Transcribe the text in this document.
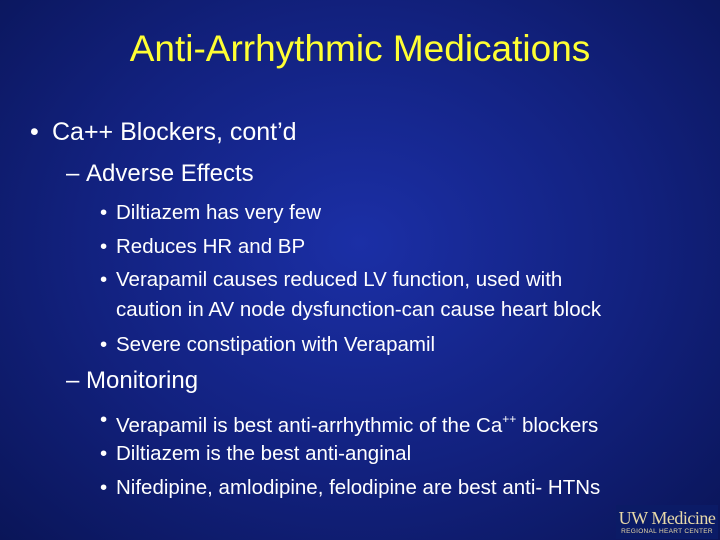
Anti-Arrhythmic Medications
• Ca++ Blockers, cont’d
– Adverse Effects
• Diltiazem has very few
• Reduces HR and BP
• Verapamil causes reduced LV function, used with
caution in AV node dysfunction-can cause heart block
• Severe constipation with Verapamil
– Monitoring
• Verapamil is best anti-arrhythmic of the Ca++ blockers
• Diltiazem is the best anti-anginal
• Nifedipine, amlodipine, felodipine are best anti- HTNs
UW Medicine
REGIONAL HEART CENTER
